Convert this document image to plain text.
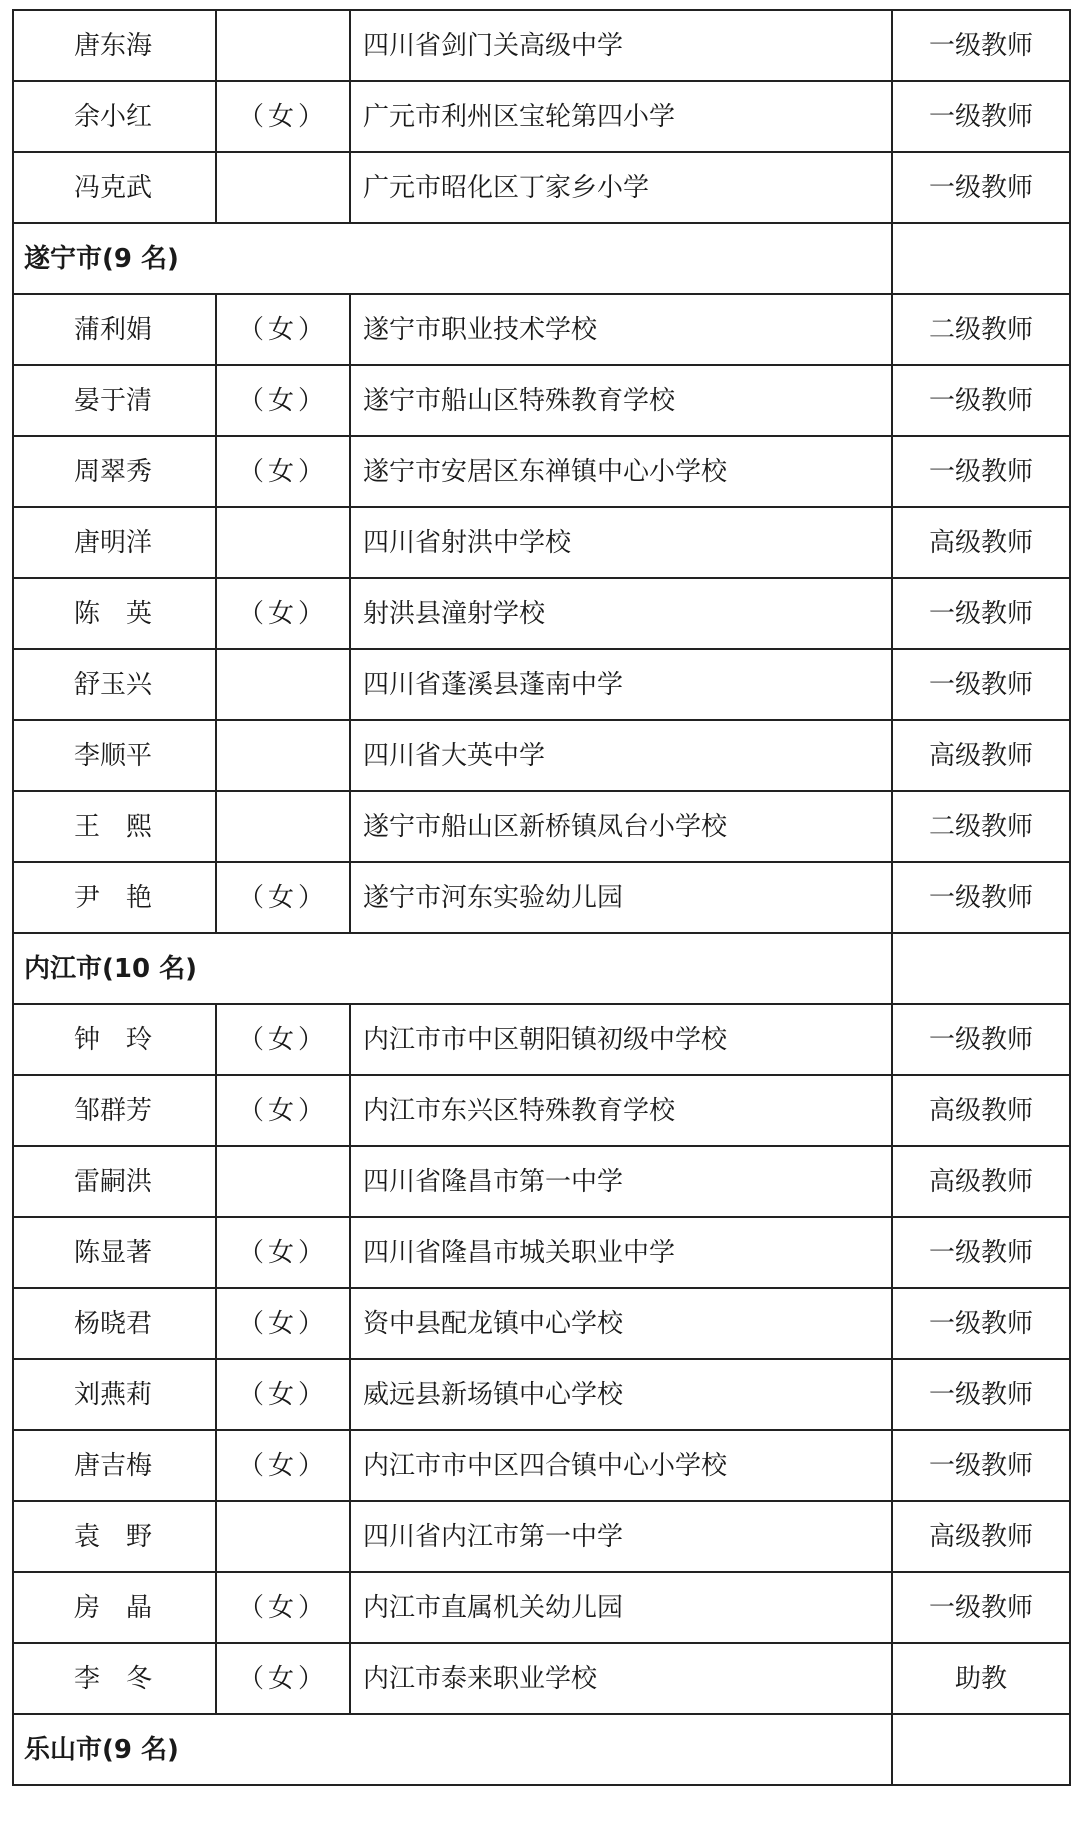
唐东海		四川省剑门关高级中学	一级教师
余小红	（女）	广元市利州区宝轮第四小学	一级教师
冯克武		广元市昭化区丁家乡小学	一级教师
遂宁市(9 名)			
蒲利娟	（女）	遂宁市职业技术学校	二级教师
晏于清	（女）	遂宁市船山区特殊教育学校	一级教师
周翠秀	（女）	遂宁市安居区东禅镇中心小学校	一级教师
唐明洋		四川省射洪中学校	高级教师
陈　英	（女）	射洪县潼射学校	一级教师
舒玉兴		四川省蓬溪县蓬南中学	一级教师
李顺平		四川省大英中学	高级教师
王　熙		遂宁市船山区新桥镇凤台小学校	二级教师
尹　艳	（女）	遂宁市河东实验幼儿园	一级教师
内江市(10 名)			
钟　玲	（女）	内江市市中区朝阳镇初级中学校	一级教师
邹群芳	（女）	内江市东兴区特殊教育学校	高级教师
雷嗣洪		四川省隆昌市第一中学	高级教师
陈显著	（女）	四川省隆昌市城关职业中学	一级教师
杨晓君	（女）	资中县配龙镇中心学校	一级教师
刘燕莉	（女）	威远县新场镇中心学校	一级教师
唐吉梅	（女）	内江市市中区四合镇中心小学校	一级教师
袁　野		四川省内江市第一中学	高级教师
房　晶	（女）	内江市直属机关幼儿园	一级教师
李　冬	（女）	内江市泰来职业学校	助教
乐山市(9 名)			
